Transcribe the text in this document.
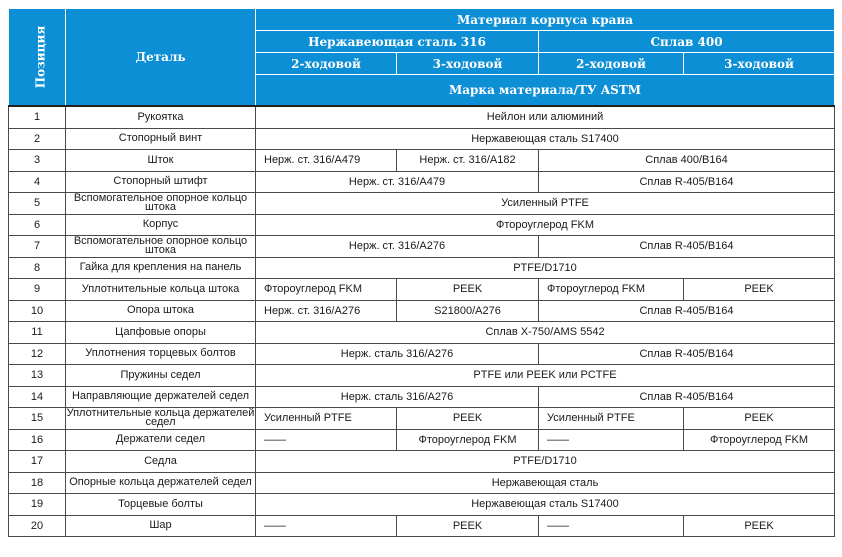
Позиция	Деталь	Материал корпуса крана			
		Нержавеющая сталь 316		Сплав 400	
		2-ходовой	3-ходовой	2-ходовой	3-ходовой
		Марка материала/ТУ ASTM			
1	Рукоятка	Нейлон или алюминий			
2	Стопорный винт	Нержавеющая сталь S17400			
3	Шток	Нерж. ст. 316/A479	Нерж. ст. 316/A182	Сплав 400/B164	
4	Стопорный штифт	Нерж. ст. 316/A479		Сплав R-405/B164	
5	Вспомогательное опорное кольцо штока	Усиленный PTFE			
6	Корпус	Фтороуглерод FKM			
7	Вспомогательное опорное кольцо штока	Нерж. ст. 316/A276		Сплав R-405/B164	
8	Гайка для крепления на панель	PTFE/D1710			
9	Уплотнительные кольца штока	Фтороуглерод FKM	PEEK	Фтороуглерод FKM	PEEK
10	Опора штока	Нерж. ст. 316/A276	S21800/A276	Сплав R-405/B164	
11	Цапфовые опоры	Сплав X-750/AMS 5542			
12	Уплотнения торцевых болтов	Нерж. сталь 316/A276		Сплав R-405/B164	
13	Пружины седел	PTFE или PEEK или PCTFE			
14	Направляющие держателей седел	Нерж. сталь 316/A276		Сплав R-405/B164	
15	Уплотнительные кольца держателей седел	Усиленный PTFE	PEEK	Усиленный PTFE	PEEK
16	Держатели седел	——	Фтороуглерод FKM	——	Фтороуглерод FKM
17	Седла	PTFE/D1710			
18	Опорные кольца держателей седел	Нержавеющая сталь			
19	Торцевые болты	Нержавеющая сталь S17400			
20	Шар	——	PEEK	——	PEEK
